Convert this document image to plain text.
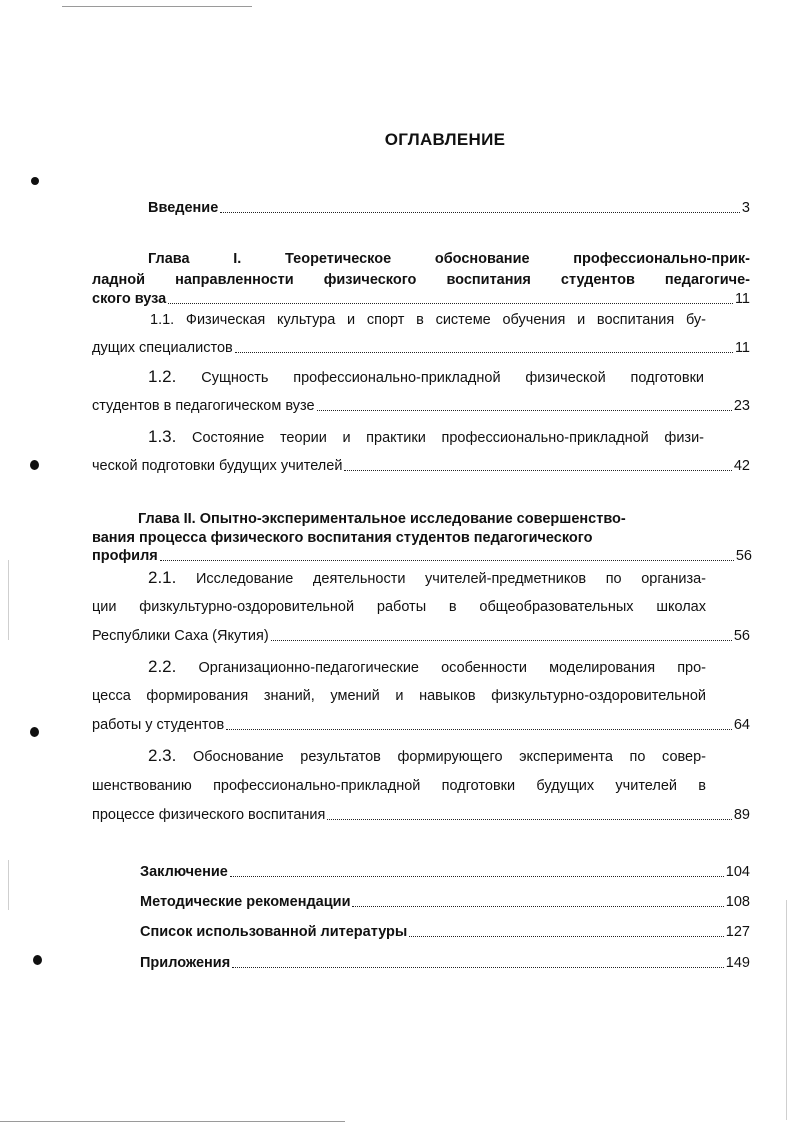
ОГЛАВЛЕНИЕ
Введение	3
Глава I. Теоретическое обоснование профессионально-прик-
ладной направленности физического воспитания студентов педагогиче-
ского вуза	11
1.1. Физическая культура и спорт в системе обучения и воспитания бу-
дущих специалистов	11
1.2. Сущность профессионально-прикладной физической подготовки
студентов в педагогическом вузе	23
1.3. Состояние теории и практики профессионально-прикладной физи-
ческой подготовки будущих учителей	42
Глава II. Опытно-экспериментальное исследование совершенство-
вания процесса физического воспитания студентов педагогического
профиля	56
2.1. Исследование деятельности учителей-предметников по организа-
ции физкультурно-оздоровительной работы в общеобразовательных школах
Республики Саха (Якутия)	56
2.2. Организационно-педагогические особенности моделирования про-
цесса формирования знаний, умений и навыков физкультурно-оздоровительной
работы у студентов	64
2.3. Обоснование результатов формирующего эксперимента по совер-
шенствованию профессионально-прикладной подготовки будущих учителей в
процессе физического воспитания	89
Заключение	104
Методические рекомендации	108
Список использованной литературы	127
Приложения	149
